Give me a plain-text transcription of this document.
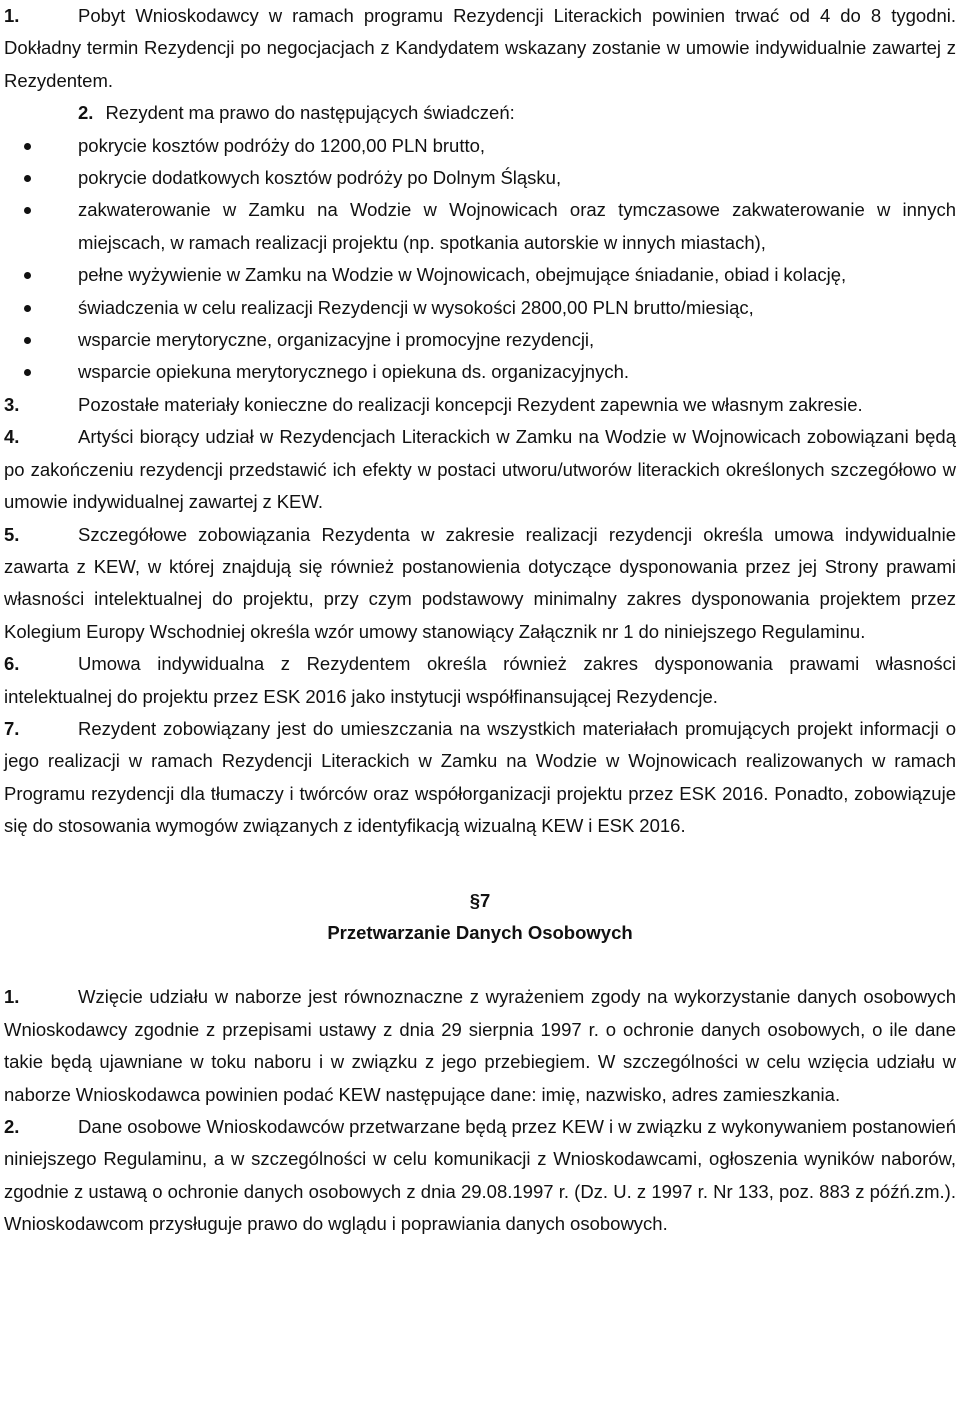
1.	Pobyt Wnioskodawcy w ramach programu Rezydencji Literackich powinien trwać od 4 do 8 tygodni. Dokładny termin Rezydencji po negocjacjach z Kandydatem wskazany zostanie w umowie indywidualnie zawartej z Rezydentem.

2. Rezydent ma prawo do następujących świadczeń:

pokrycie kosztów podróży do 1200,00 PLN brutto,
pokrycie dodatkowych kosztów podróży po Dolnym Śląsku,
zakwaterowanie w Zamku na Wodzie w Wojnowicach oraz tymczasowe zakwaterowanie w innych miejscach, w ramach realizacji projektu (np. spotkania autorskie w innych miastach),
pełne wyżywienie w Zamku na Wodzie w Wojnowicach, obejmujące śniadanie, obiad i kolację,
świadczenia w celu realizacji Rezydencji w wysokości 2800,00 PLN brutto/miesiąc,
wsparcie merytoryczne, organizacyjne i promocyjne rezydencji,
wsparcie opiekuna merytorycznego i opiekuna ds. organizacyjnych.

3.	Pozostałe materiały konieczne do realizacji koncepcji Rezydent zapewnia we własnym zakresie.

4.	Artyści biorący udział w Rezydencjach Literackich w Zamku na Wodzie w Wojnowicach zobowiązani będą po zakończeniu rezydencji przedstawić ich efekty w postaci utworu/utworów literackich określonych szczegółowo w umowie indywidualnej zawartej z KEW.

5.	Szczegółowe zobowiązania Rezydenta w zakresie realizacji rezydencji określa umowa indywidualnie zawarta z KEW, w której znajdują się również postanowienia dotyczące dysponowania przez jej Strony prawami własności intelektualnej do projektu, przy czym podstawowy minimalny zakres dysponowania projektem przez Kolegium Europy Wschodniej określa wzór umowy stanowiący Załącznik nr 1 do niniejszego Regulaminu.

6.	Umowa indywidualna z Rezydentem określa również zakres dysponowania prawami własności intelektualnej do projektu przez ESK 2016 jako instytucji współfinansującej Rezydencje.

7.	Rezydent zobowiązany jest do umieszczania na wszystkich materiałach promujących projekt informacji o jego realizacji w ramach Rezydencji Literackich w Zamku na Wodzie w Wojnowicach realizowanych w ramach Programu rezydencji dla tłumaczy i twórców oraz współorganizacji projektu przez ESK 2016. Ponadto, zobowiązuje się do stosowania wymogów związanych z identyfikacją wizualną KEW i ESK 2016.

§7

Przetwarzanie Danych Osobowych

1.	Wzięcie udziału w naborze jest równoznaczne z wyrażeniem zgody na wykorzystanie danych osobowych Wnioskodawcy zgodnie z przepisami ustawy z dnia 29 sierpnia 1997 r. o ochronie danych osobowych, o ile dane takie będą ujawniane w toku naboru i w związku z jego przebiegiem. W szczególności w celu wzięcia udziału w naborze Wnioskodawca powinien podać KEW następujące dane: imię, nazwisko, adres zamieszkania.

2.	Dane osobowe Wnioskodawców przetwarzane będą przez KEW i w związku z wykonywaniem postanowień niniejszego Regulaminu, a w szczególności w celu komunikacji z Wnioskodawcami, ogłoszenia wyników naborów, zgodnie z ustawą o ochronie danych osobowych z dnia 29.08.1997 r. (Dz. U. z 1997 r. Nr 133, poz. 883 z późń.zm.). Wnioskodawcom przysługuje prawo do wglądu i poprawiania danych osobowych.
